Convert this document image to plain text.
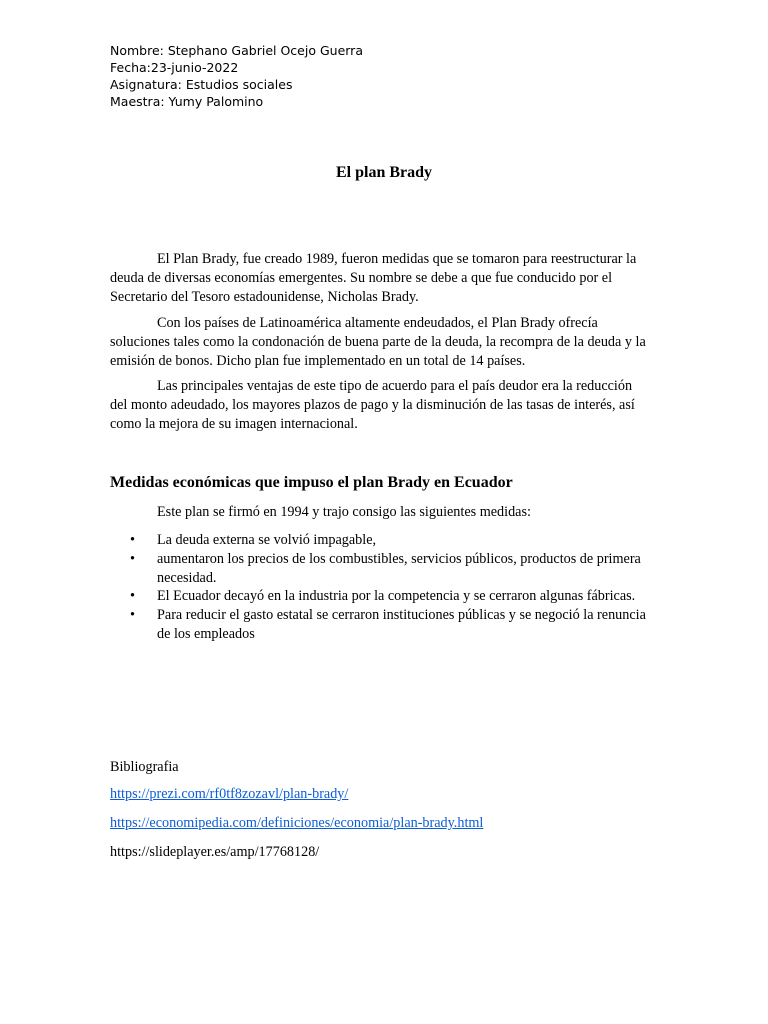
Nombre: Stephano Gabriel Ocejo Guerra
Fecha:23-junio-2022
Asignatura: Estudios sociales
Maestra: Yumy Palomino
El plan Brady

El Plan Brady, fue creado 1989, fueron medidas que se tomaron para reestructurar la deuda de diversas economías emergentes. Su nombre se debe a que fue conducido por el Secretario del Tesoro estadounidense, Nicholas Brady.

Con los países de Latinoamérica altamente endeudados, el Plan Brady ofrecía soluciones tales como la condonación de buena parte de la deuda, la recompra de la deuda y la emisión de bonos. Dicho plan fue implementado en un total de 14 países.

Las principales ventajas de este tipo de acuerdo para el país deudor era la reducción del monto adeudado, los mayores plazos de pago y la disminución de las tasas de interés, así como la mejora de su imagen internacional.

Medidas económicas que impuso el plan Brady en Ecuador
Este plan se firmó en 1994 y trajo consigo las siguientes medidas:
• La deuda externa se volvió impagable,
• aumentaron los precios de los combustibles, servicios públicos, productos de primera necesidad.
• El Ecuador decayó en la industria por la competencia y se cerraron algunas fábricas.
• Para reducir el gasto estatal se cerraron instituciones públicas y se negoció la renuncia de los empleados
Bibliografia
https://prezi.com/rf0tf8zozavl/plan-brady/
https://economipedia.com/definiciones/economia/plan-brady.html
https://slideplayer.es/amp/17768128/
